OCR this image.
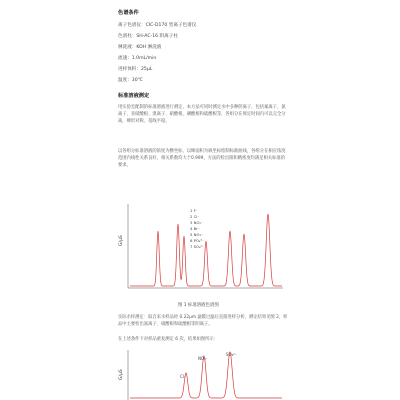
色谱条件
离子色谱仪：CIC-D170 型离子色谱仪
色谱柱：SH-AC-16 阴离子柱
淋洗液：KOH 淋洗液
流速：1.0mL/min
进样体积：25μL
温度：30℃
标准溶液测定
用实验室配制的标准溶液进行测定，本方法可同时测定水中多种阴离子，包括氟离子、氯离子、亚硝酸根、溴离子、硝酸根、磷酸根和硫酸根等，各组分在规定时间内可以完全分离，峰形对称，基线平稳。
以各组分标准溶液的浓度为横坐标，以峰面积为纵坐标绘制标准曲线，各组分在相应浓度范围内线性关系良好，相关系数均大于0.999，方法的检出限和精密度均满足相关标准的要求。
G/μS
1 F⁻
2 Cl⁻
3 NO₂⁻
4 Br⁻
5 NO₃⁻
6 PO₄³⁻
7 SO₄²⁻
图 1 标准溶液色谱图
实际水样测定：取自来水样品经 0.22μm 滤膜过滤后直接进样分析，测定结果见图 2，样品中主要检出氯离子、硝酸根和硫酸根等阴离子。
在上述条件下对样品重复测定 6 次，结果如图所示：
G/μS	Cl⁻
NO₃⁻
SO₄²⁻
